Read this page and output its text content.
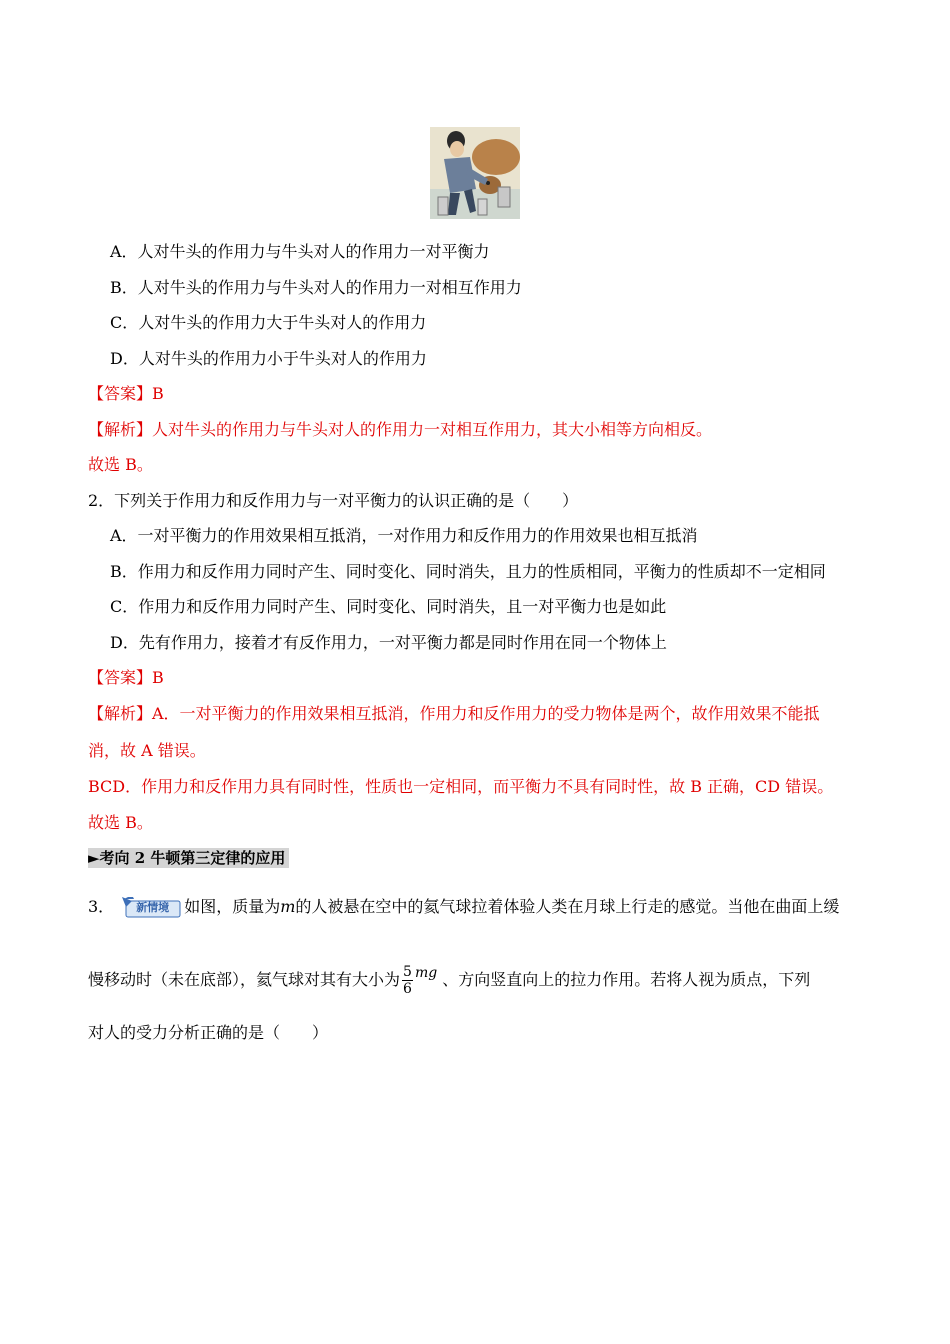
A．人对牛头的作用力与牛头对人的作用力一对平衡力
B．人对牛头的作用力与牛头对人的作用力一对相互作用力
C．人对牛头的作用力大于牛头对人的作用力
D．人对牛头的作用力小于牛头对人的作用力
【答案】B
【解析】人对牛头的作用力与牛头对人的作用力一对相互作用力，其大小相等方向相反。
故选 B。
2．下列关于作用力和反作用力与一对平衡力的认识正确的是（　　）
A．一对平衡力的作用效果相互抵消，一对作用力和反作用力的作用效果也相互抵消
B．作用力和反作用力同时产生、同时变化、同时消失，且力的性质相同，平衡力的性质却不一定相同
C．作用力和反作用力同时产生、同时变化、同时消失，且一对平衡力也是如此
D．先有作用力，接着才有反作用力，一对平衡力都是同时作用在同一个物体上
【答案】B
【解析】A．一对平衡力的作用效果相互抵消，作用力和反作用力的受力物体是两个，故作用效果不能抵
消，故 A 错误。
BCD．作用力和反作用力具有同时性，性质也一定相同，而平衡力不具有同时性，故 B 正确，CD 错误。
故选 B。
►考向 2 牛顿第三定律的应用
3． 新情境 如图，质量为m的人被悬在空中的氦气球拉着体验人类在月球上行走的感觉。当他在曲面上缓
慢移动时（未在底部），氦气球对其有大小为 $\frac{5}{6}$ mg 、方向竖直向上的拉力作用。若将人视为质点，下列
对人的受力分析正确的是（　　）
